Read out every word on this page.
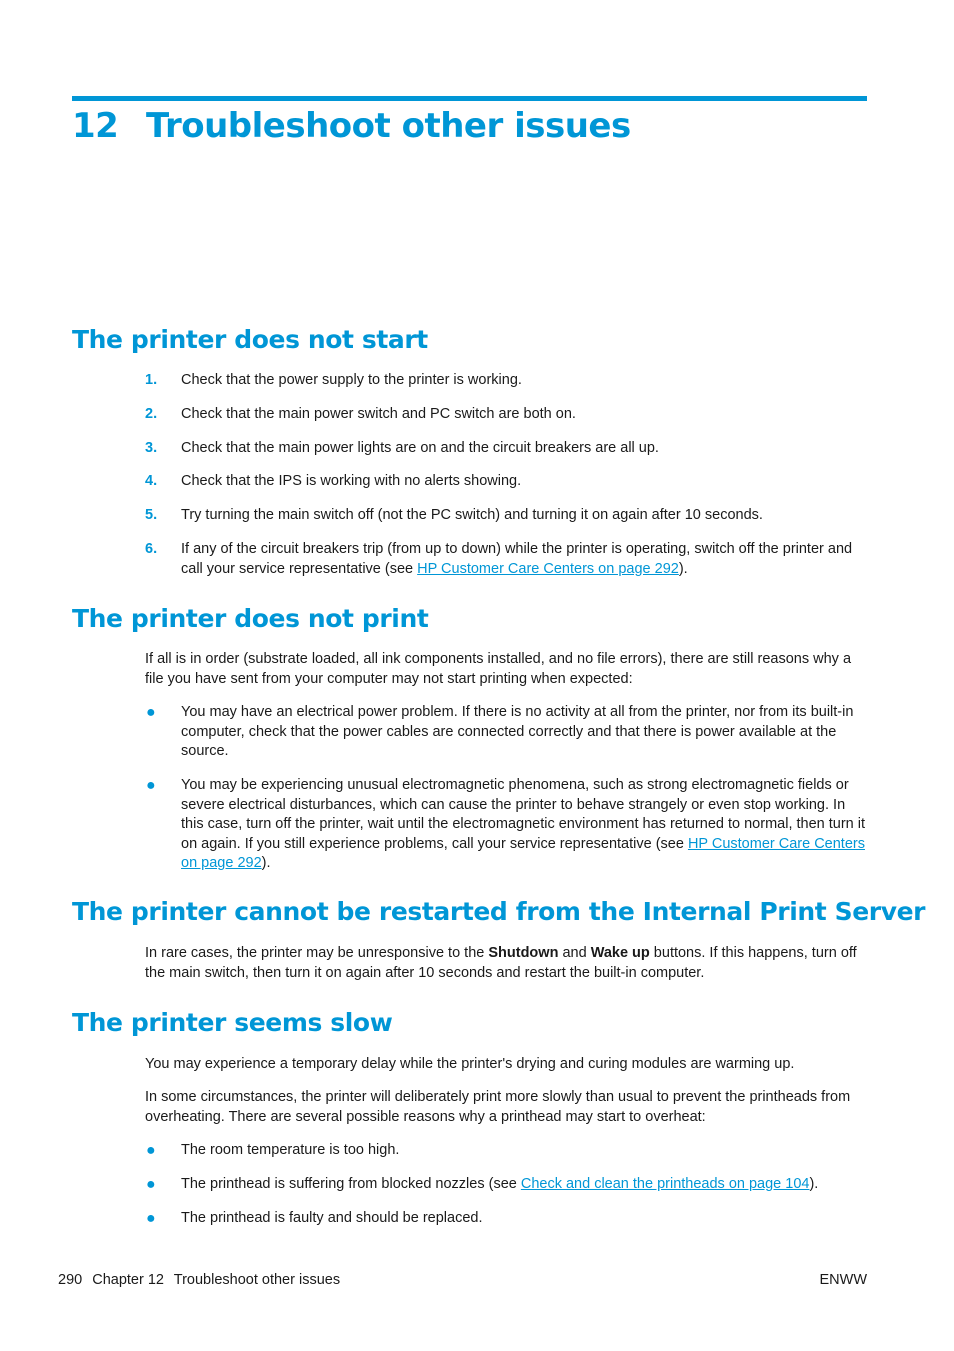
12 Troubleshoot other issues
The printer does not start
1. Check that the power supply to the printer is working.
2. Check that the main power switch and PC switch are both on.
3. Check that the main power lights are on and the circuit breakers are all up.
4. Check that the IPS is working with no alerts showing.
5. Try turning the main switch off (not the PC switch) and turning it on again after 10 seconds.
6. If any of the circuit breakers trip (from up to down) while the printer is operating, switch off the printer and call your service representative (see HP Customer Care Centers on page 292).
The printer does not print

If all is in order (substrate loaded, all ink components installed, and no file errors), there are still reasons why a file you have sent from your computer may not start printing when expected:

● You may have an electrical power problem. If there is no activity at all from the printer, nor from its built-in computer, check that the power cables are connected correctly and that there is power available at the source.
● You may be experiencing unusual electromagnetic phenomena, such as strong electromagnetic fields or severe electrical disturbances, which can cause the printer to behave strangely or even stop working. In this case, turn off the printer, wait until the electromagnetic environment has returned to normal, then turn it on again. If you still experience problems, call your service representative (see HP Customer Care Centers on page 292).
The printer cannot be restarted from the Internal Print Server

In rare cases, the printer may be unresponsive to the Shutdown and Wake up buttons. If this happens, turn off the main switch, then turn it on again after 10 seconds and restart the built-in computer.

The printer seems slow

You may experience a temporary delay while the printer's drying and curing modules are warming up.

In some circumstances, the printer will deliberately print more slowly than usual to prevent the printheads from overheating. There are several possible reasons why a printhead may start to overheat:

● The room temperature is too high.
● The printhead is suffering from blocked nozzles (see Check and clean the printheads on page 104).
● The printhead is faulty and should be replaced.
290 Chapter 12 Troubleshoot other issues	ENWW
